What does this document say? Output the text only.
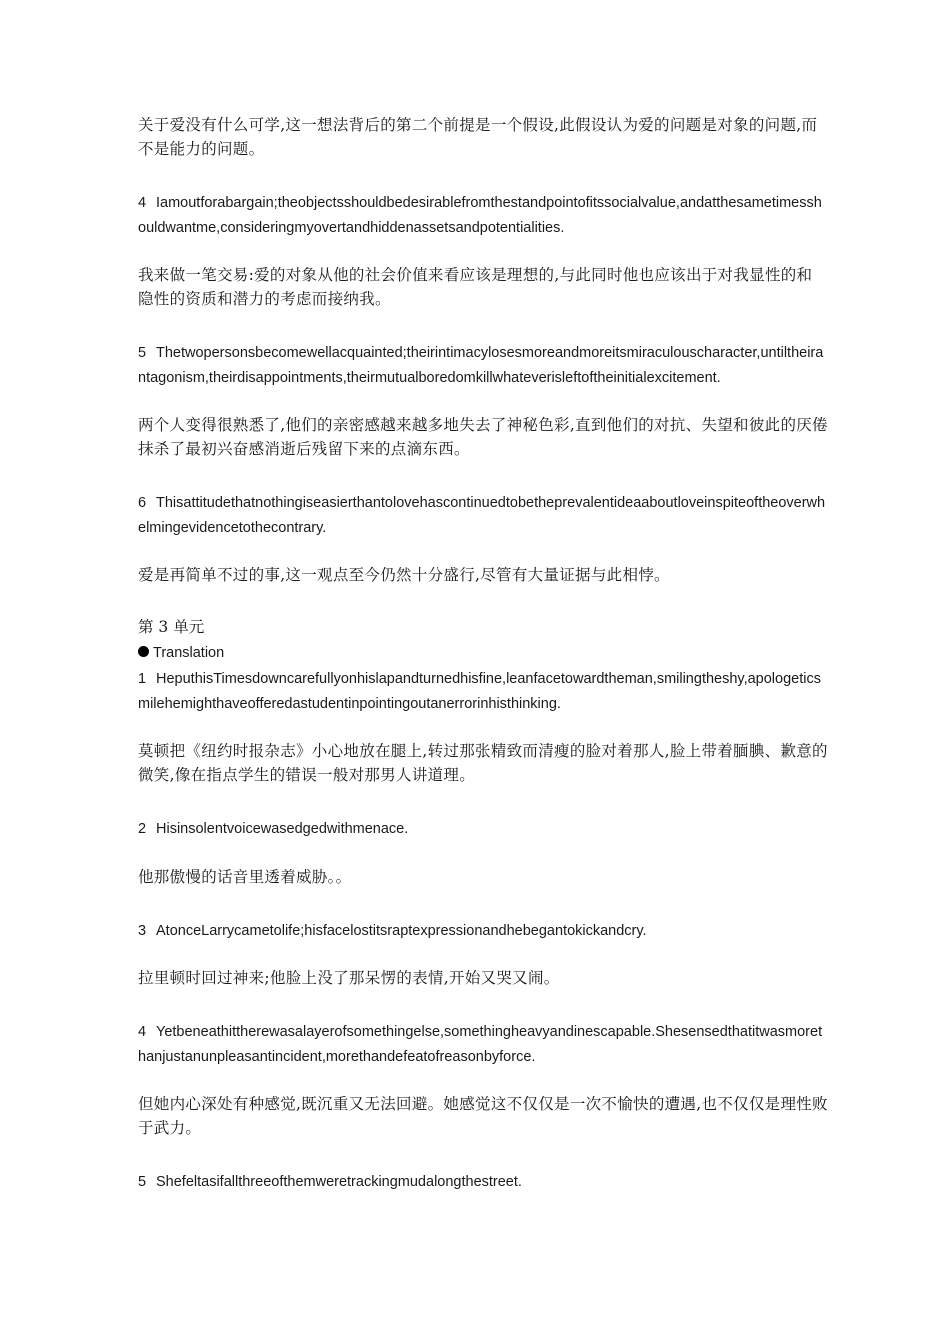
关于爱没有什么可学,这一想法背后的第二个前提是一个假设,此假设认为爱的问题是对象的问题,而不是能力的问题。

4 Iamoutforabargain;theobjectsshouldbedesirablefromthestandpointofitssocialvalue,andatthesametimesshouldwantme,consideringmyovertandhiddenassetsandpotentialities.

我来做一笔交易:爱的对象从他的社会价值来看应该是理想的,与此同时他也应该出于对我显性的和隐性的资质和潜力的考虑而接纳我。

5 Thetwopersonsbecomewellacquainted;theirintimacylosesmoreandmoreitsmiraculouscharacter,untiltheirantagonism,theirdisappointments,theirmutualboredomkillwhateverisleftoftheinitialexcitement.

两个人变得很熟悉了,他们的亲密感越来越多地失去了神秘色彩,直到他们的对抗、失望和彼此的厌倦抹杀了最初兴奋感消逝后残留下来的点滴东西。

6 Thisattitudethatnothingiseasierthantolovehascontinuedtobetheprevalentideaaboutloveinspiteoftheoverwhelmingevidencetothecontrary.

爱是再简单不过的事,这一观点至今仍然十分盛行,尽管有大量证据与此相悖。

第 3 单元

Translation

1 HeputhisTimesdowncarefullyonhislapandturnedhisfine,leanfacetowardtheman,smilingtheshy,apologeticsmilehemighthaveofferedastudentinpointingoutanerrorinhisthinking.

莫顿把《纽约时报杂志》小心地放在腿上,转过那张精致而清瘦的脸对着那人,脸上带着腼腆、歉意的微笑,像在指点学生的错误一般对那男人讲道理。

2 Hisinsolentvoicewasedgedwithmenace.

他那傲慢的话音里透着威胁。。

3 AtonceLarrycametolife;hisfacelostitsraptexpressionandhebegantokickandcry.

拉里顿时回过神来;他脸上没了那呆愣的表情,开始又哭又闹。

4 Yetbeneathittherewasalayerofsomethingelse,somethingheavyandinescapable.Shesensedthatitwasmorethanjustanunpleasantincident,morethandefeatofreasonbyforce.

但她内心深处有种感觉,既沉重又无法回避。她感觉这不仅仅是一次不愉快的遭遇,也不仅仅是理性败于武力。

5 Shefeltasifallthreeofthemweretrackingmudalongthestreet.
